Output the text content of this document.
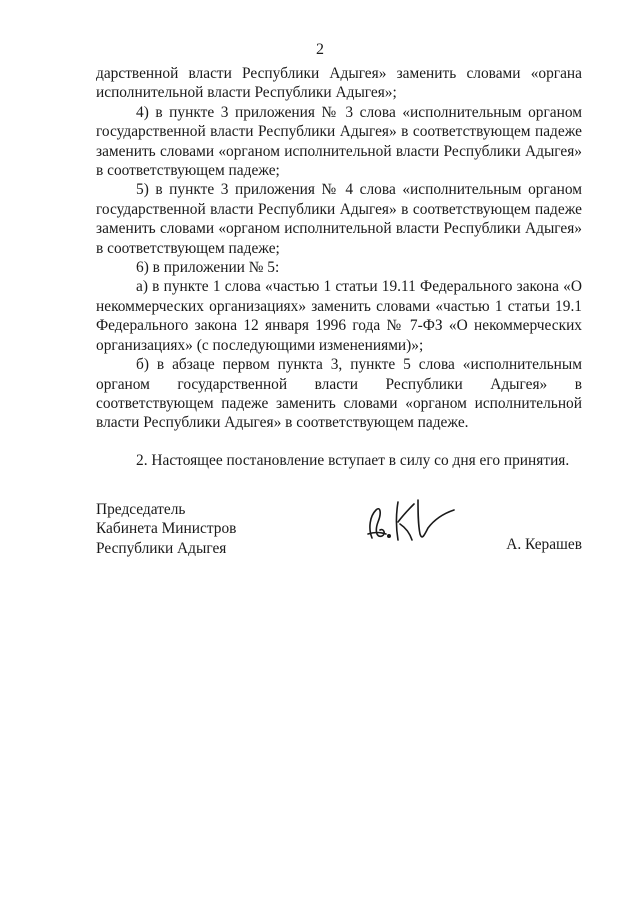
2

дарственной власти Республики Адыгея» заменить словами «органа исполнительной власти Республики Адыгея»;

4) в пункте 3 приложения № 3 слова «исполнительным органом государственной власти Республики Адыгея» в соответствующем падеже заменить словами «органом исполнительной власти Республики Адыгея» в соответствующем падеже;

5) в пункте 3 приложения № 4 слова «исполнительным органом государственной власти Республики Адыгея» в соответствующем падеже заменить словами «органом исполнительной власти Республики Адыгея» в соответствующем падеже;

6) в приложении № 5:

а) в пункте 1 слова «частью 1 статьи 19.11 Федерального закона «О некоммерческих организациях» заменить словами «частью 1 статьи 19.1 Федерального закона 12 января 1996 года № 7-ФЗ «О некоммерческих организациях» (с последующими изменениями)»;

б) в абзаце первом пункта 3, пункте 5 слова «исполнительным органом государственной власти Республики Адыгея» в соответствующем падеже заменить словами «органом исполнительной власти Республики Адыгея» в соответствующем падеже.

2. Настоящее постановление вступает в силу со дня его принятия.

Председатель
Кабинета Министров
Республики Адыгея	А. Керашев
